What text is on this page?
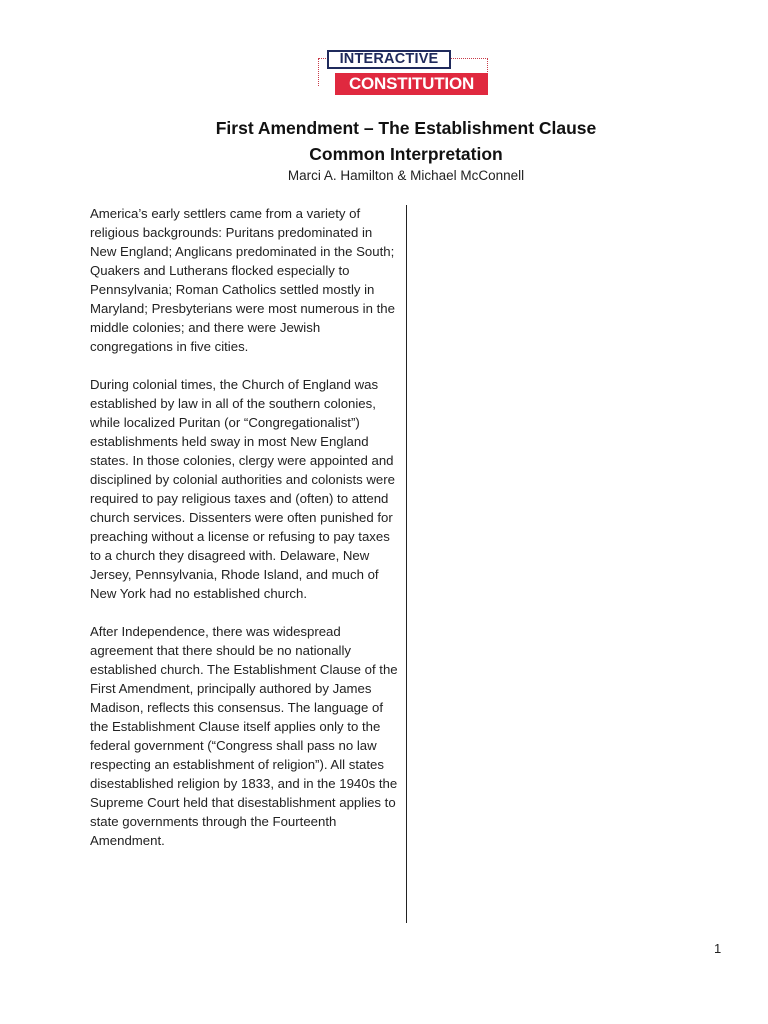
INTERACTIVE
CONSTITUTION
First Amendment – The Establishment Clause
Common Interpretation
Marci A. Hamilton & Michael McConnell

America’s early settlers came from a variety of religious backgrounds: Puritans predominated in New England; Anglicans predominated in the South; Quakers and Lutherans flocked especially to Pennsylvania; Roman Catholics settled mostly in Maryland; Presbyterians were most numerous in the middle colonies; and there were Jewish congregations in five cities.

During colonial times, the Church of England was established by law in all of the southern colonies, while localized Puritan (or “Congregationalist”) establishments held sway in most New England states. In those colonies, clergy were appointed and disciplined by colonial authorities and colonists were required to pay religious taxes and (often) to attend church services. Dissenters were often punished for preaching without a license or refusing to pay taxes to a church they disagreed with. Delaware, New Jersey, Pennsylvania, Rhode Island, and much of New York had no established church.

After Independence, there was widespread agreement that there should be no nationally established church. The Establishment Clause of the First Amendment, principally authored by James Madison, reflects this consensus. The language of the Establishment Clause itself applies only to the federal government (“Congress shall pass no law respecting an establishment of religion”). All states disestablished religion by 1833, and in the 1940s the Supreme Court held that disestablishment applies to state governments through the Fourteenth Amendment.

1
